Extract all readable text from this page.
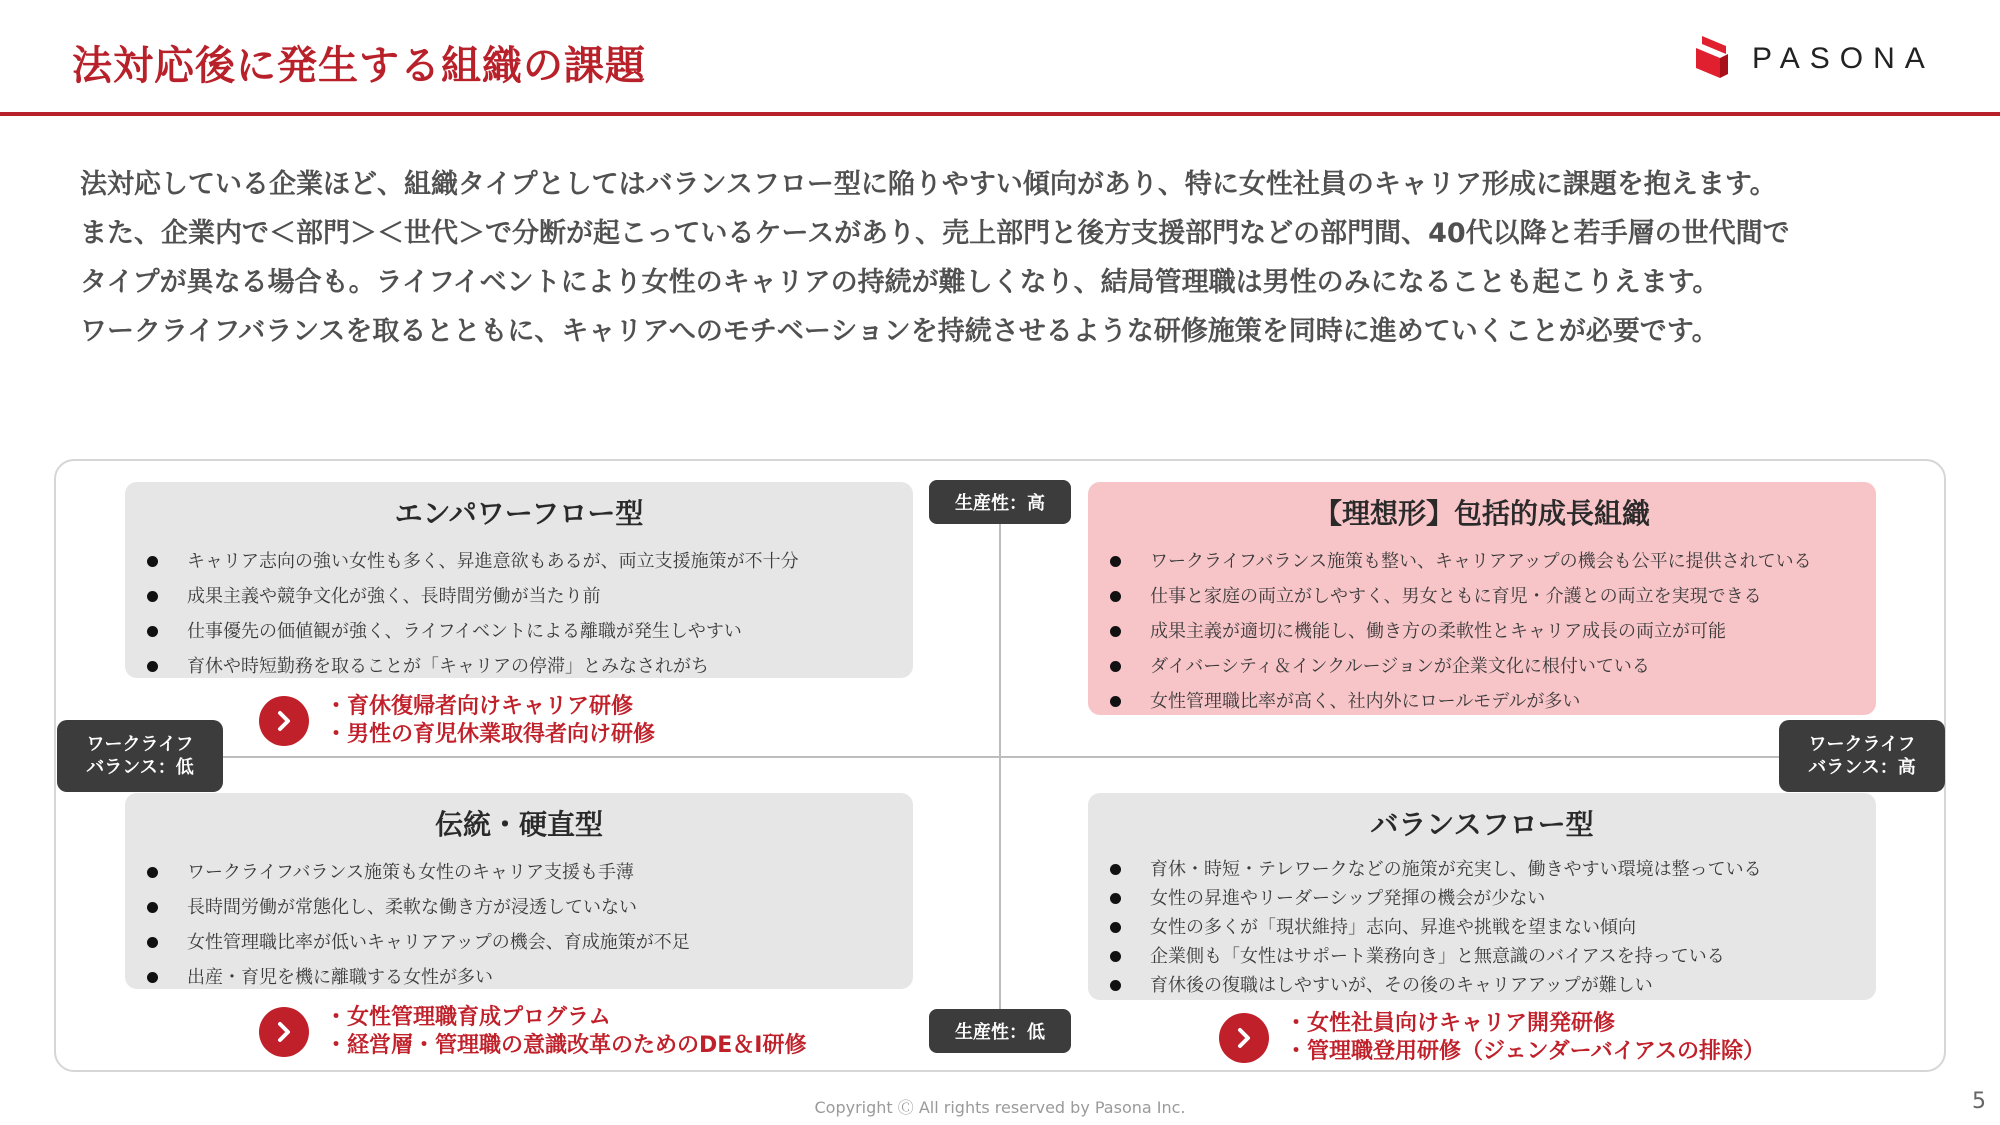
法対応後に発生する組織の課題	PASONA

法対応している企業ほど、組織タイプとしてはバランスフロー型に陥りやすい傾向があり、特に女性社員のキャリア形成に課題を抱えます。

また、企業内で＜部門＞＜世代＞で分断が起こっているケースがあり、売上部門と後方支援部門などの部門間、40代以降と若手層の世代間で

タイプが異なる場合も。ライフイベントにより女性のキャリアの持続が難しくなり、結局管理職は男性のみになることも起こりえます。

ワークライフバランスを取るとともに、キャリアへのモチベーションを持続させるような研修施策を同時に進めていくことが必要です。

生産性：高
生産性：低
ワークライフ
バランス：低
ワークライフ
バランス：高
エンパワーフロー型
キャリア志向の強い女性も多く、昇進意欲もあるが、両立支援施策が不十分
成果主義や競争文化が強く、長時間労働が当たり前
仕事優先の価値観が強く、ライフイベントによる離職が発生しやすい
育休や時短勤務を取ることが「キャリアの停滞」とみなされがち
・育休復帰者向けキャリア研修
・男性の育児休業取得者向け研修
【理想形】包括的成長組織
ワークライフバランス施策も整い、キャリアアップの機会も公平に提供されている
仕事と家庭の両立がしやすく、男女ともに育児・介護との両立を実現できる
成果主義が適切に機能し、働き方の柔軟性とキャリア成長の両立が可能
ダイバーシティ＆インクルージョンが企業文化に根付いている
女性管理職比率が高く、社内外にロールモデルが多い
伝統・硬直型
ワークライフバランス施策も女性のキャリア支援も手薄
長時間労働が常態化し、柔軟な働き方が浸透していない
女性管理職比率が低いキャリアアップの機会、育成施策が不足
出産・育児を機に離職する女性が多い
・女性管理職育成プログラム
・経営層・管理職の意識改革のためのDE＆I研修
バランスフロー型
育休・時短・テレワークなどの施策が充実し、働きやすい環境は整っている
女性の昇進やリーダーシップ発揮の機会が少ない
女性の多くが「現状維持」志向、昇進や挑戦を望まない傾向
企業側も「女性はサポート業務向き」と無意識のバイアスを持っている
育休後の復職はしやすいが、その後のキャリアアップが難しい
・女性社員向けキャリア開発研修
・管理職登用研修（ジェンダーバイアスの排除）
Copyright Ⓒ All rights reserved by Pasona Inc.	5
